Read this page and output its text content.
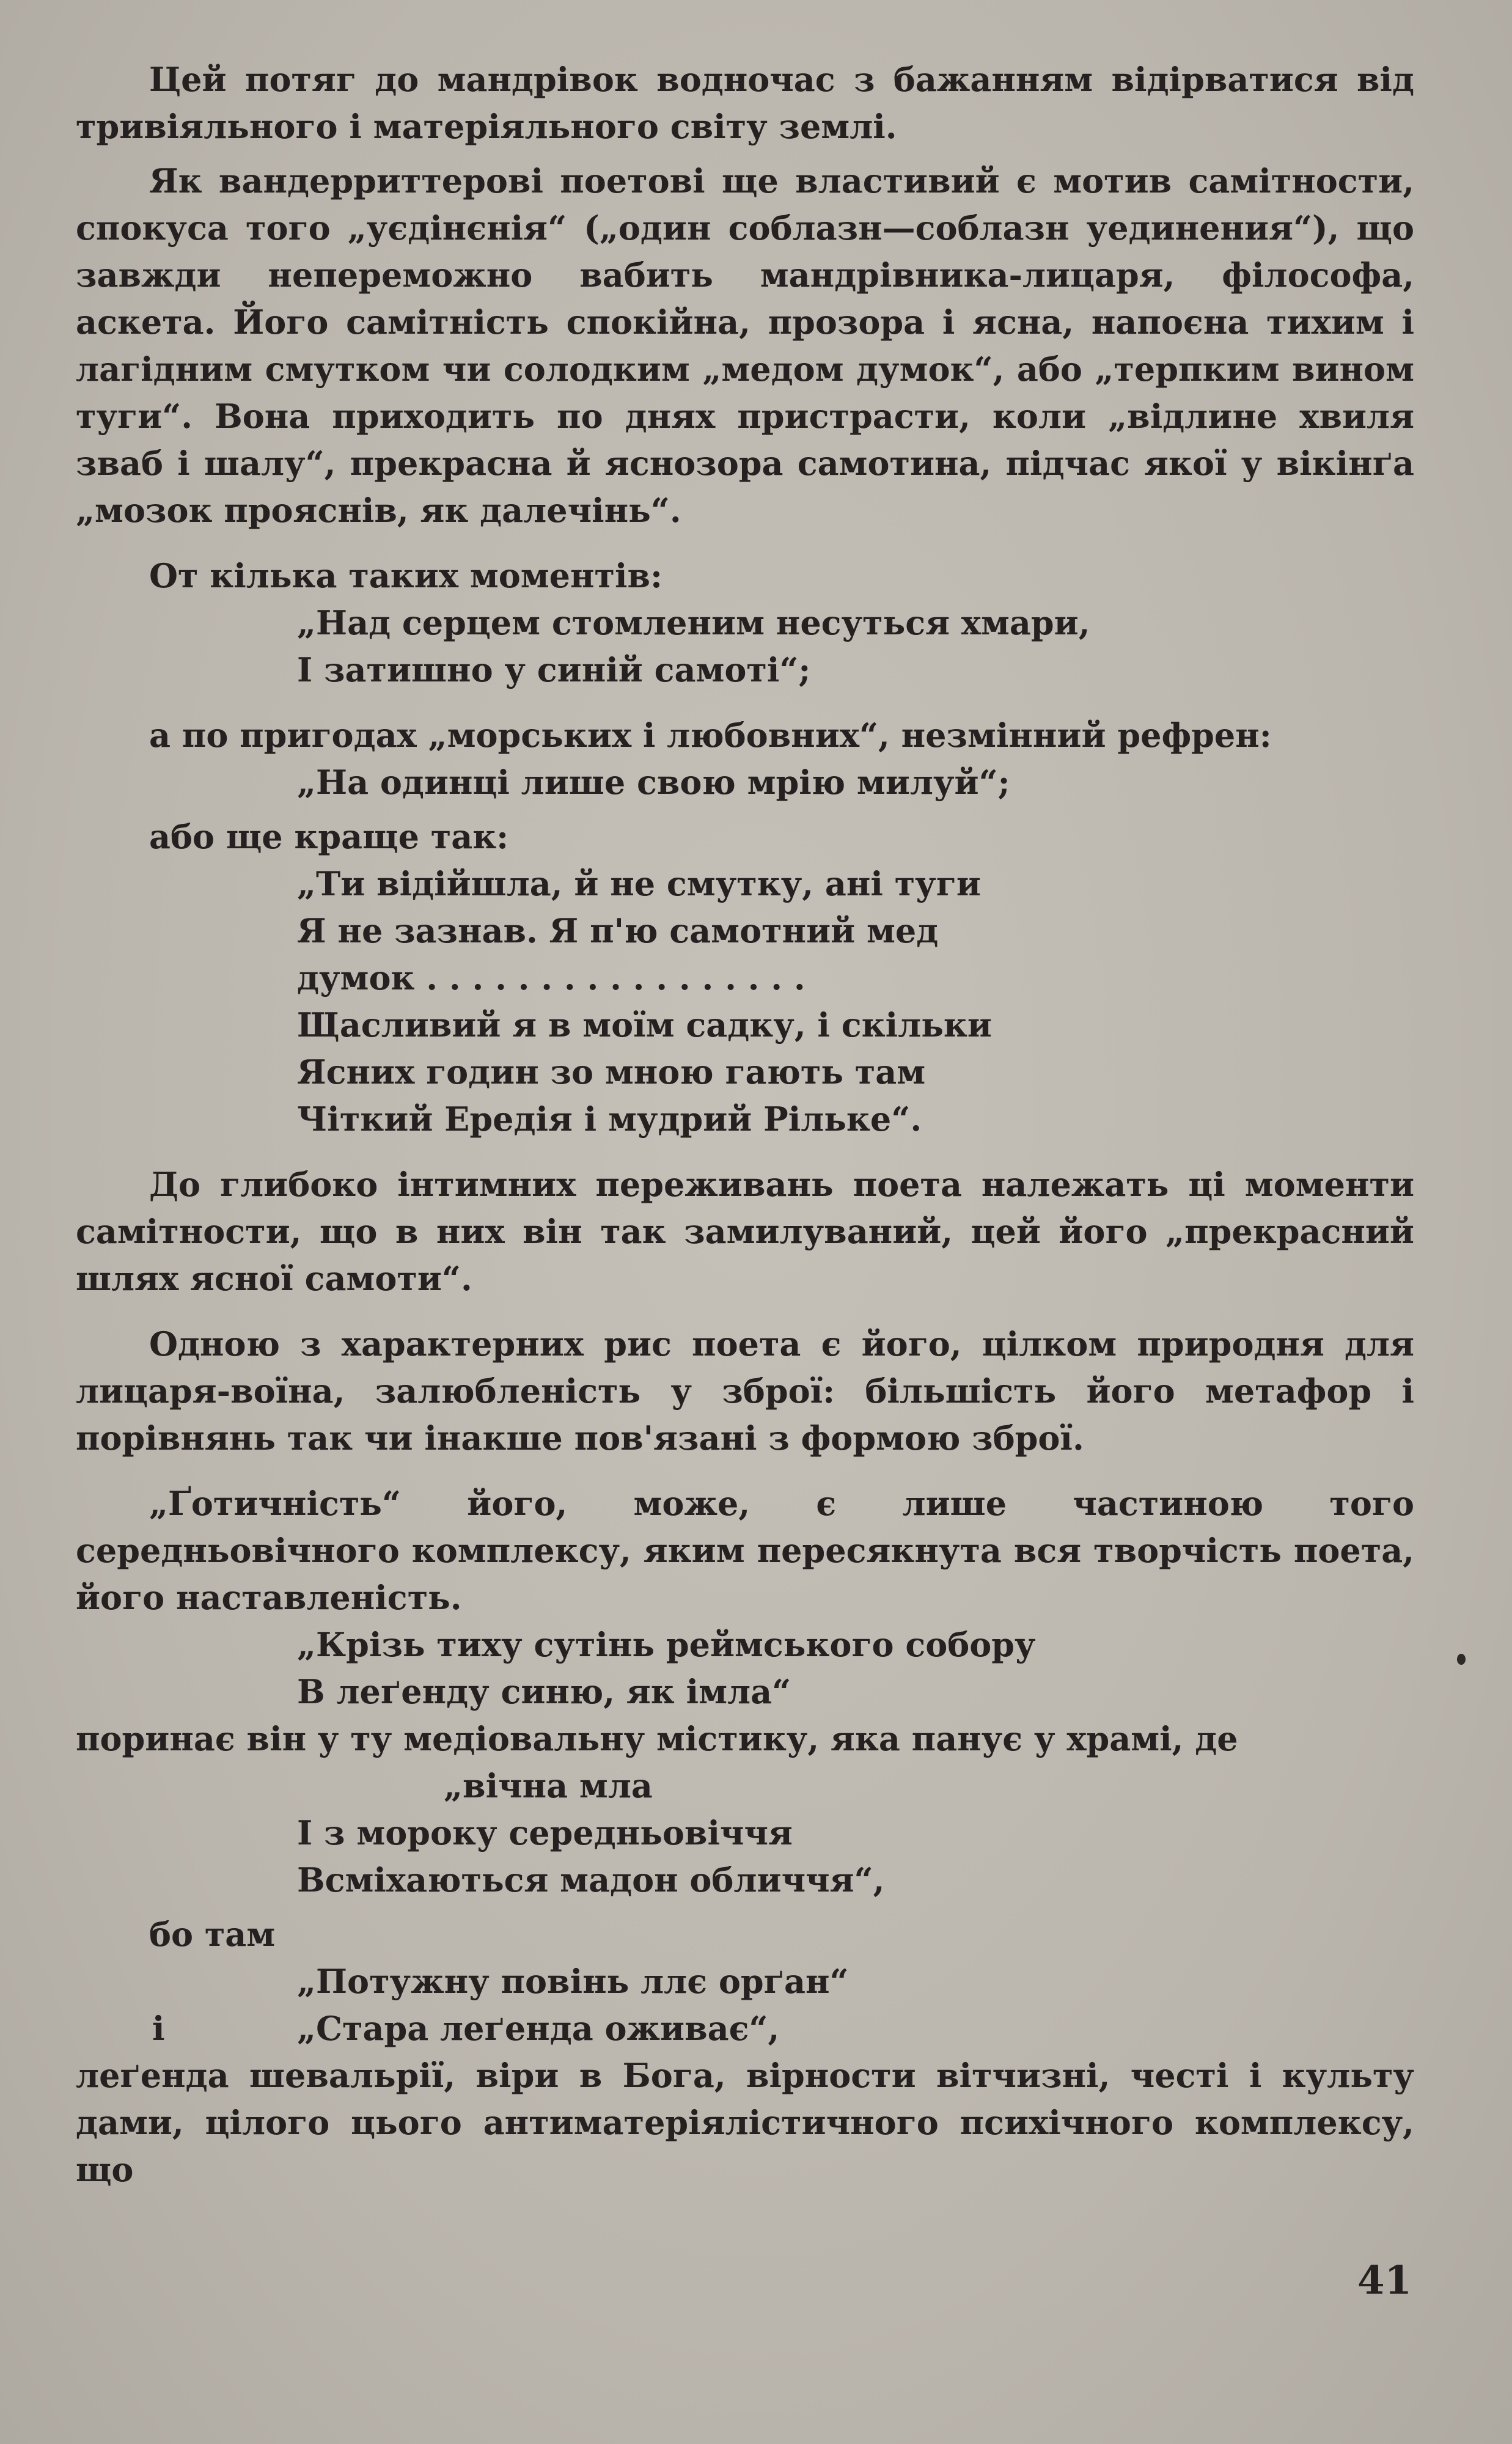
Цей потяг до мандрівок водночас з бажанням відірватися від тривіяльного і матеріяльного світу землі.

Як вандерриттерові поетові ще властивий є мотив самітности, спокуса того „уєдінєнія“ („один соблазн—соблазн уединения“), що завжди непереможно вабить мандрівника-лицаря, філософа, аскета. Його самітність спокійна, прозора і ясна, напоєна тихим і лагідним смутком чи солодким „медом думок“, або „терпким вином туги“. Вона приходить по днях пристрасти, коли „відлине хвиля зваб і шалу“, прекрасна й яснозора самотина, підчас якої у вікінґа „мозок прояснів, як далечінь“.

От кілька таких моментів:

„Над серцем стомленим несуться хмари,
І затишно у синій самоті“;

а по пригодах „морських і любовних“, незмінний рефрен:

„На одинці лише свою мрію милуй“;

або ще краще так:

„Ти відійшла, й не смутку, ані туги
Я не зазнав. Я п'ю самотний мед
думок . . . . . . . . . . . . . . . . .
Щасливий я в моїм садку, і скільки
Ясних годин зо мною гають там
Чіткий Ередія і мудрий Рільке“.

До глибоко інтимних переживань поета належать ці моменти самітности, що в них він так замилуваний, цей його „прекрасний шлях ясної самоти“.

Одною з характерних рис поета є його, цілком природня для лицаря-воїна, залюбленість у зброї: більшість його метафор і порівнянь так чи інакше пов'язані з формою зброї.

„Ґотичність“ його, може, є лише частиною того середньовічного комплексу, яким пересякнута вся творчість поета, його наставленість.

„Крізь тиху сутінь реймського собору
В леґенду синю, як імла“

поринає він у ту медіовальну містику, яка панує у храмі, де

„вічна мла
І з мороку середньовіччя
Всміхаються мадон обличчя“,

бо там

„Потужну повінь ллє орґан“
і	„Стара леґенда оживає“,

леґенда шевальрії, віри в Бога, вірности вітчизні, честі і культу дами, цілого цього антиматеріялістичного психічного комплексу, що

41
